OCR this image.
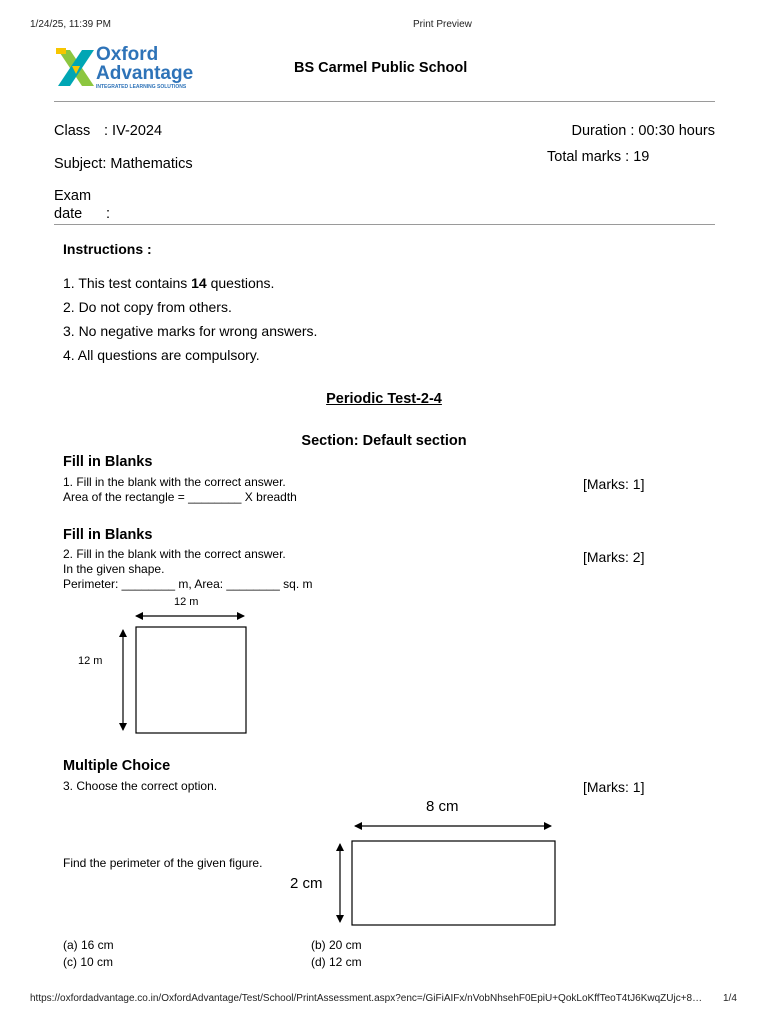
1/24/25, 11:39 PM	Print Preview
Oxford
Advantage
INTEGRATED LEARNING SOLUTIONS
BS Carmel Public School
Class : IV-2024
Subject: Mathematics
Exam
date :
Duration : 00:30 hours
Total marks : 19
Instructions :
1. This test contains 14 questions.
2. Do not copy from others.
3. No negative marks for wrong answers.
4. All questions are compulsory.
Periodic Test-2-4
Section: Default section
Fill in Blanks
1. Fill in the blank with the correct answer.
Area of the rectangle = ________ X breadth
[Marks: 1]
Fill in Blanks
2. Fill in the blank with the correct answer.
In the given shape.
Perimeter: ________ m, Area: ________ sq. m
[Marks: 2]
12 m
12 m
Multiple Choice
3. Choose the correct option.	[Marks: 1]
Find the perimeter of the given figure.
8 cm
2 cm
(a) 16 cm	(b) 20 cm
(c) 10 cm	(d) 12 cm
https://oxfordadvantage.co.in/OxfordAdvantage/Test/School/PrintAssessment.aspx?enc=/GiFiAIFx/nVobNhsehF0EpiU+QokLoKffTeoT4tJ6KwqZUjc+8…	1/4
